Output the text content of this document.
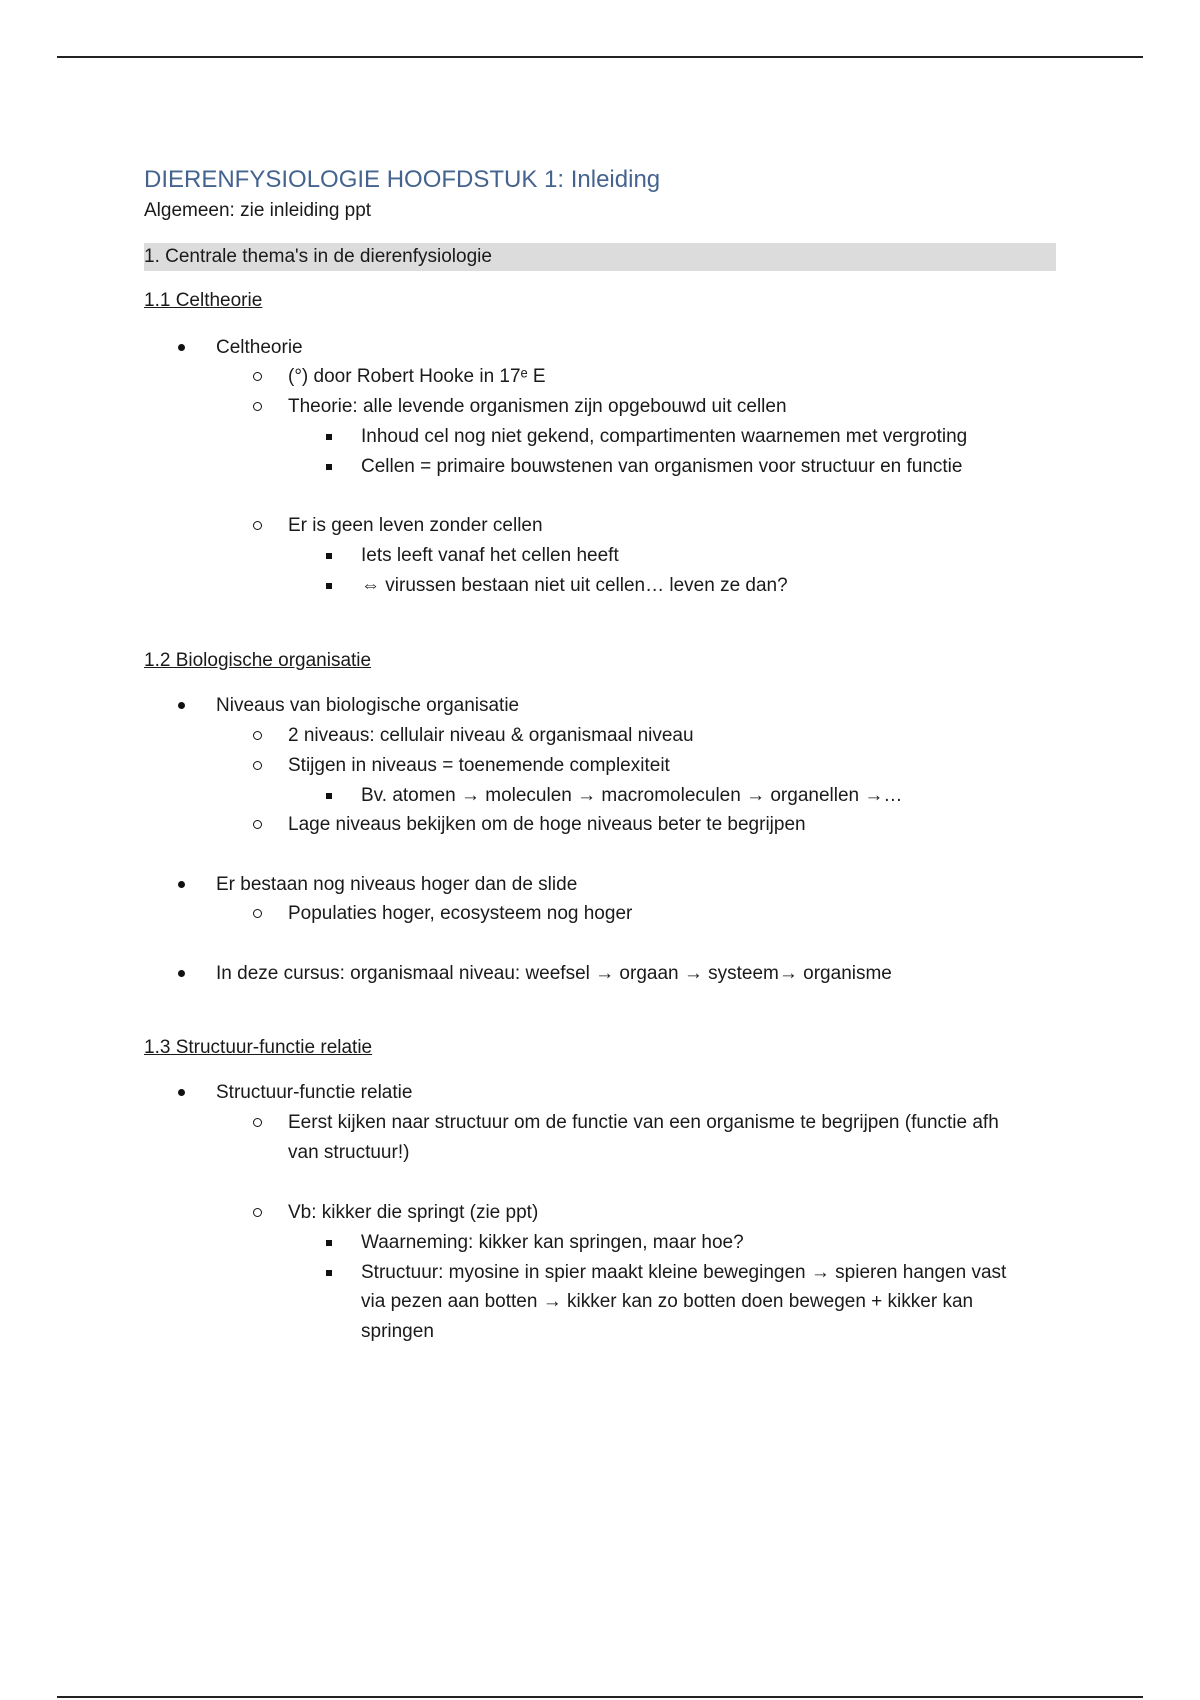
DIERENFYSIOLOGIE HOOFDSTUK 1: Inleiding
Algemeen: zie inleiding ppt
1. Centrale thema's in de dierenfysiologie
1.1 Celtheorie
Celtheorie
(°) door Robert Hooke in 17ᵉ E
Theorie: alle levende organismen zijn opgebouwd uit cellen
Inhoud cel nog niet gekend, compartimenten waarnemen met vergroting
Cellen = primaire bouwstenen van organismen voor structuur en functie
Er is geen leven zonder cellen
Iets leeft vanaf het cellen heeft
⇔ virussen bestaan niet uit cellen… leven ze dan?
1.2 Biologische organisatie
Niveaus van biologische organisatie
2 niveaus: cellulair niveau & organismaal niveau
Stijgen in niveaus = toenemende complexiteit
Bv. atomen → moleculen → macromoleculen → organellen →…
Lage niveaus bekijken om de hoge niveaus beter te begrijpen
Er bestaan nog niveaus hoger dan de slide
Populaties hoger, ecosysteem nog hoger
In deze cursus: organismaal niveau: weefsel → orgaan → systeem→ organisme
1.3 Structuur-functie relatie
Structuur-functie relatie
Eerst kijken naar structuur om de functie van een organisme te begrijpen (functie afh
van structuur!)
Vb: kikker die springt (zie ppt)
Waarneming: kikker kan springen, maar hoe?
Structuur: myosine in spier maakt kleine bewegingen → spieren hangen vast
via pezen aan botten → kikker kan zo botten doen bewegen + kikker kan
springen
